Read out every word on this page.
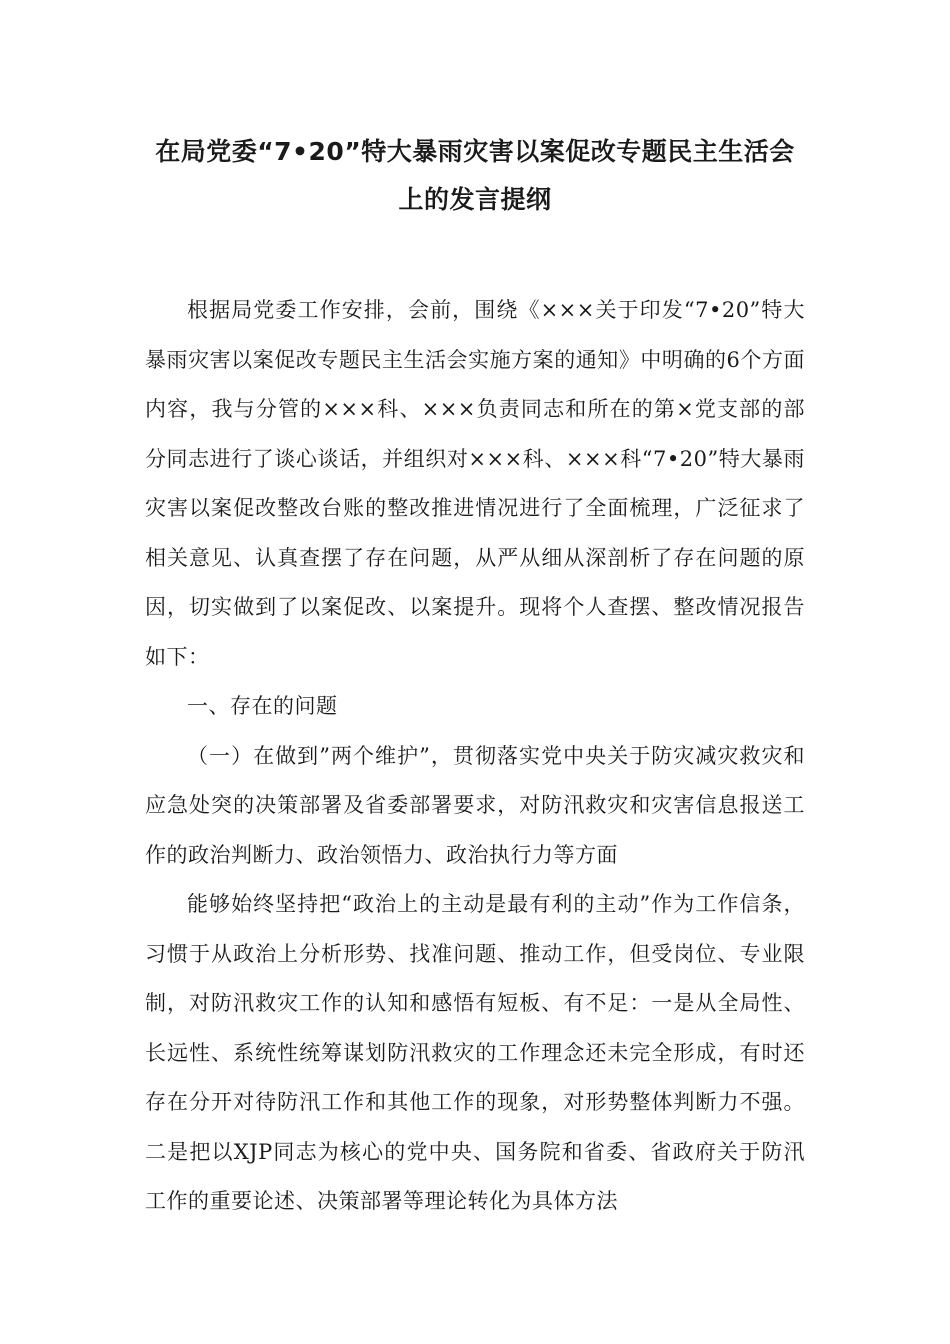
在局党委“7•20”特大暴雨灾害以案促改专题民主生活会
上的发言提纲

根据局党委工作安排，会前，围绕《×××关于印发“7•20”特大暴雨灾害以案促改专题民主生活会实施方案的通知》中明确的6个方面内容，我与分管的×××科、×××负责同志和所在的第×党支部的部分同志进行了谈心谈话，并组织对×××科、×××科“7•20”特大暴雨灾害以案促改整改台账的整改推进情况进行了全面梳理，广泛征求了相关意见、认真查摆了存在问题，从严从细从深剖析了存在问题的原因，切实做到了以案促改、以案提升。现将个人查摆、整改情况报告如下：

一、存在的问题

（一）在做到”两个维护”，贯彻落实党中央关于防灾减灾救灾和应急处突的决策部署及省委部署要求，对防汛救灾和灾害信息报送工作的政治判断力、政治领悟力、政治执行力等方面

能够始终坚持把“政治上的主动是最有利的主动”作为工作信条，习惯于从政治上分析形势、找准问题、推动工作，但受岗位、专业限制，对防汛救灾工作的认知和感悟有短板、有不足：一是从全局性、长远性、系统性统筹谋划防汛救灾的工作理念还未完全形成，有时还存在分开对待防汛工作和其他工作的现象，对形势整体判断力不强。二是把以XJP同志为核心的党中央、国务院和省委、省政府关于防汛工作的重要论述、决策部署等理论转化为具体方法
